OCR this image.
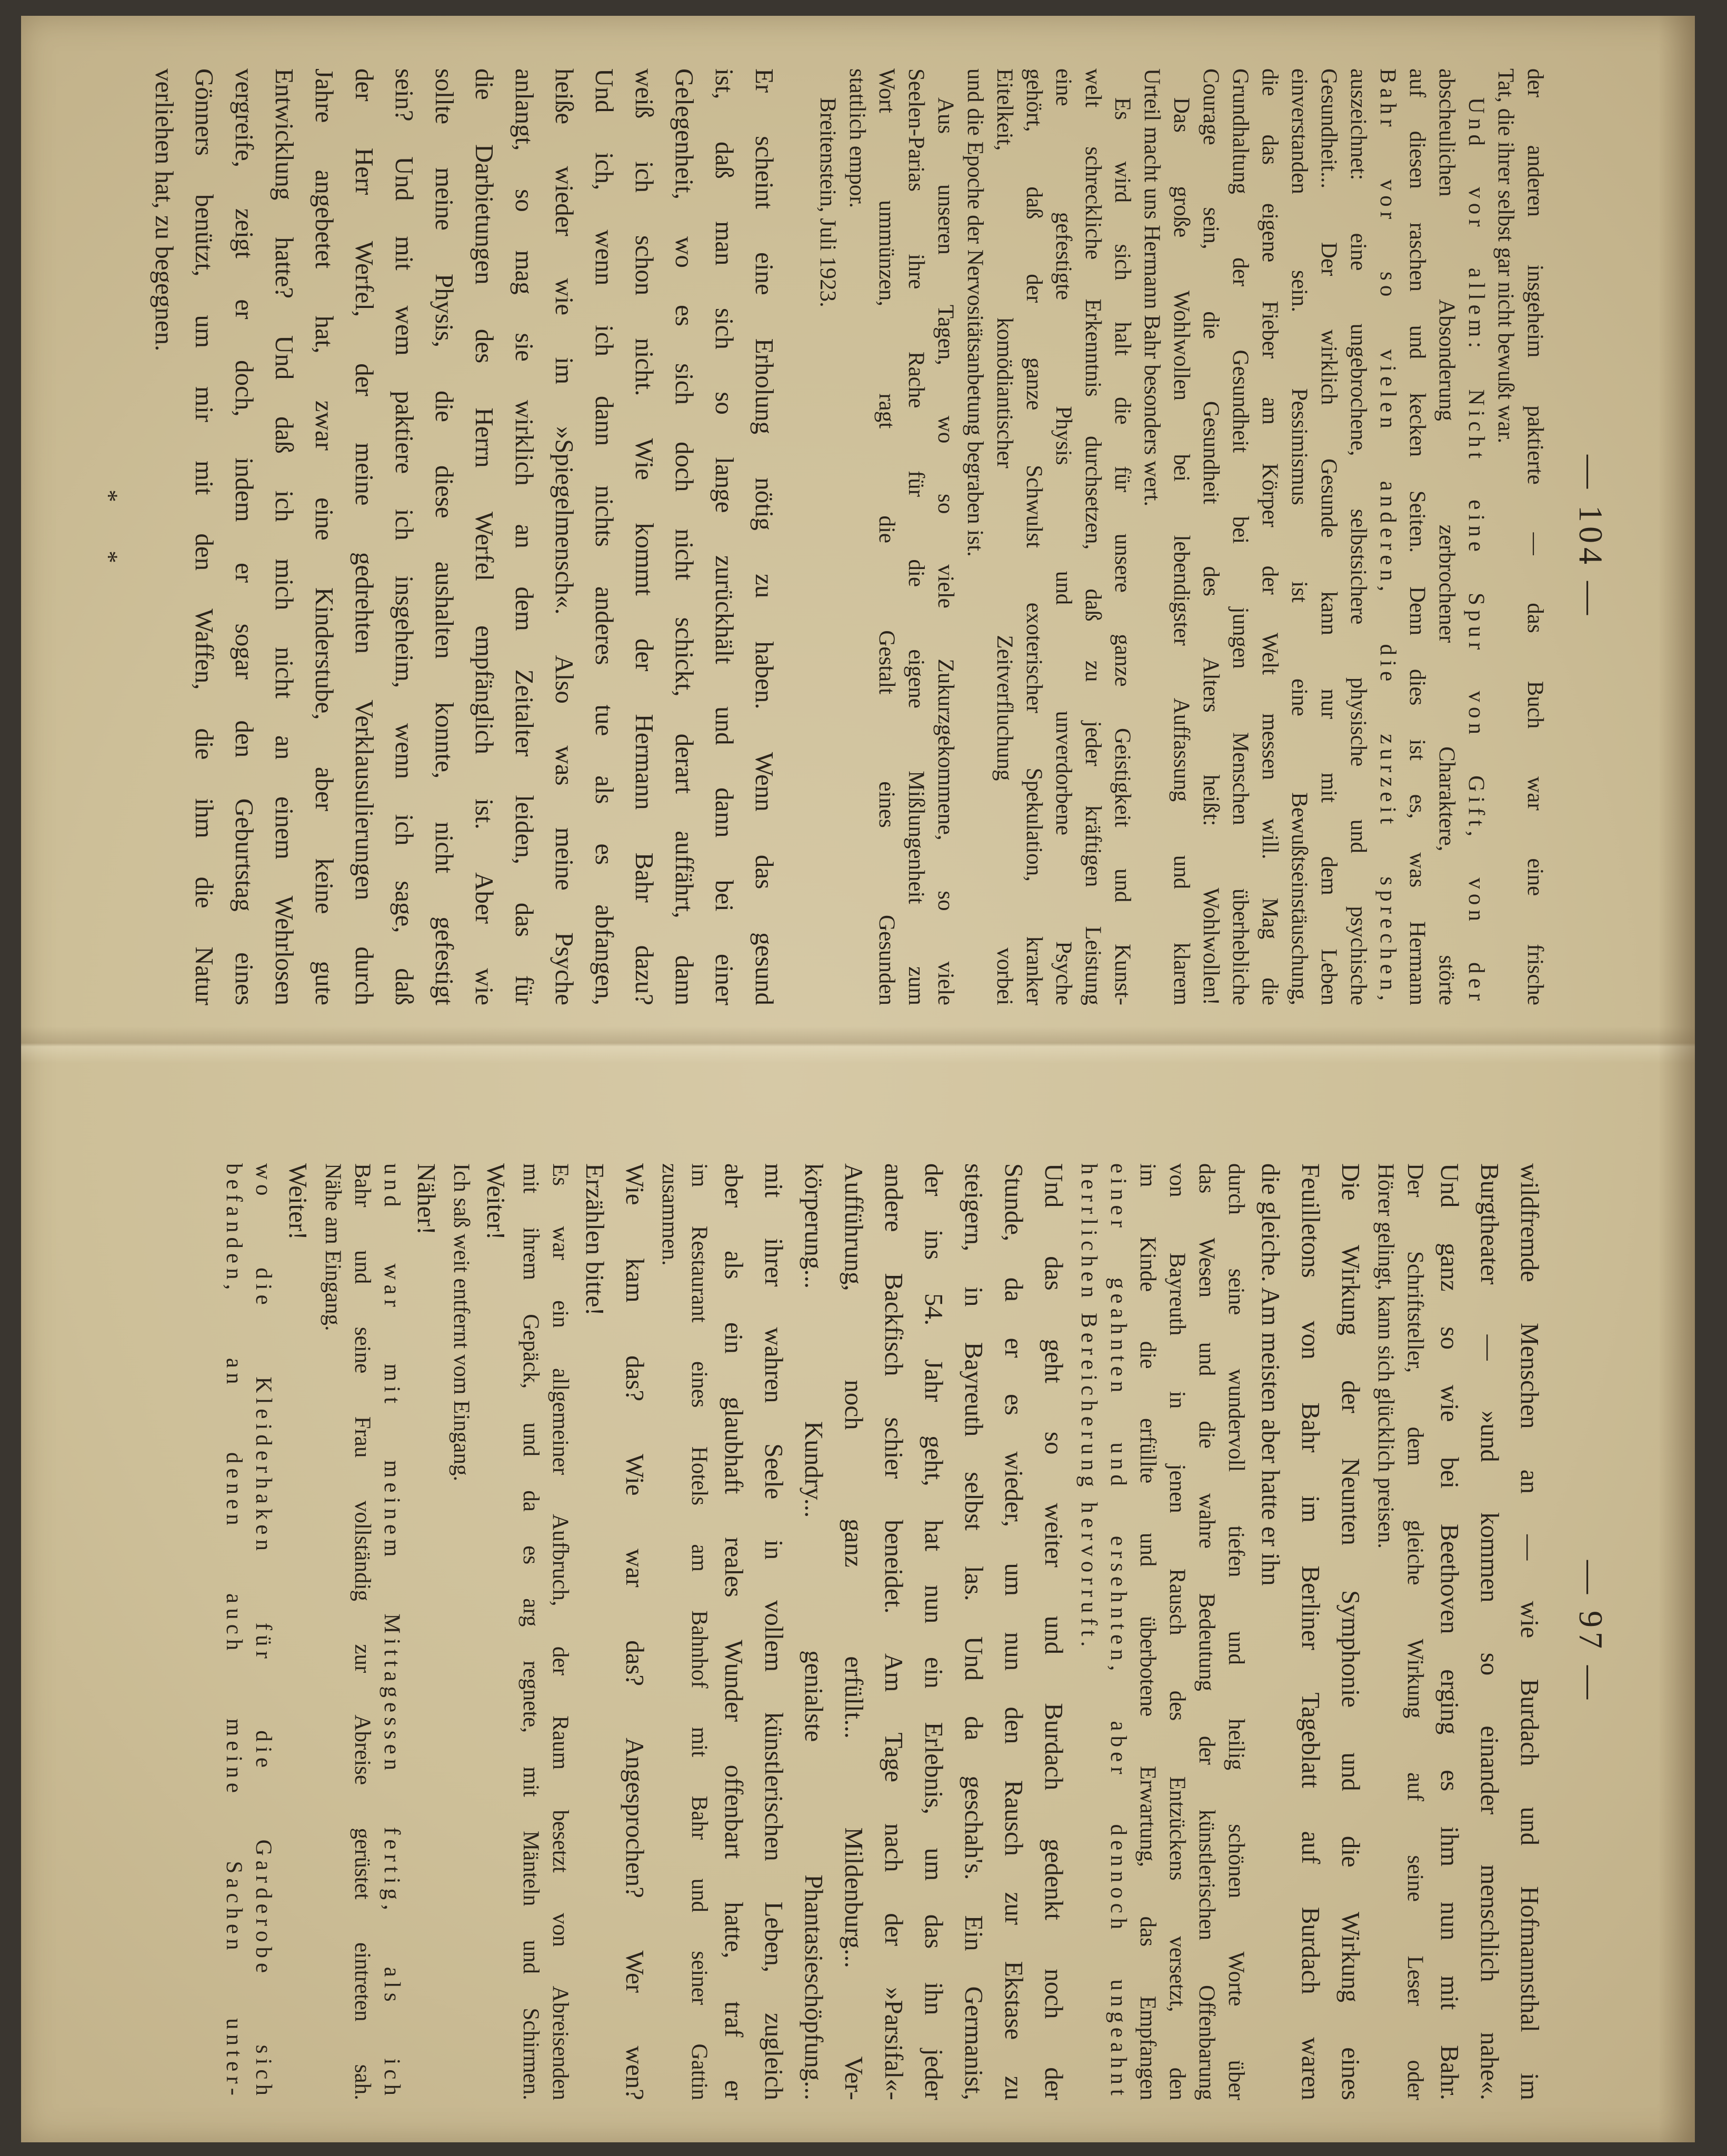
— 104 —
der anderen insgeheim paktierte — das Buch war eine frische
Tat, die ihrer selbst gar nicht bewußt war.
Und vor allem: Nicht eine Spur von Gift, von der
abscheulichen Absonderung zerbrochener Charaktere, störte
auf diesen raschen und kecken Seiten. Denn dies ist es, was Hermann
Bahr vor so vielen anderen, die zurzeit sprechen,
auszeichnet: eine ungebrochene, selbstsichere physische und psychische
Gesundheit... Der wirklich Gesunde kann nur mit dem Leben
einverstanden sein. Pessimismus ist eine Bewußtseinstäuschung,
die das eigene Fieber am Körper der Welt messen will. Mag die
Grundhaltung der Gesundheit bei jungen Menschen überhebliche
Courage sein, die Gesundheit des Alters heißt: Wohlwollen!
Das große Wohlwollen bei lebendigster Auffassung und klarem
Urteil macht uns Hermann Bahr besonders wert.
Es wird sich halt die für unsere ganze Geistigkeit und Kunst-
welt schreckliche Erkenntnis durchsetzen, daß zu jeder kräftigen Leistung
eine gefestigte Physis und unverdorbene Psyche
gehört, daß der ganze Schwulst exoterischer Spekulation, kranker
Eitelkeit, komödiantischer Zeitverfluchung vorbei
und die Epoche der Nervositätsanbetung begraben ist.
Aus unseren Tagen, wo so viele Zukurzgekommene, so viele
Seelen-Parias ihre Rache für die eigene Mißlungenheit zum
Wort ummünzen, ragt die Gestalt eines Gesunden
stattlich empor.
Breitenstein, Juli 1923.
Er scheint eine Erholung nötig zu haben. Wenn das gesund
ist, daß man sich so lange zurückhält und dann bei einer
Gelegenheit, wo es sich doch nicht schickt, derart auffährt, dann
weiß ich schon nicht. Wie kommt der Hermann Bahr dazu?
Und ich, wenn ich dann nichts anderes tue als es abfangen,
heiße wieder wie im »Spiegelmensch«. Also was meine Psyche
anlangt, so mag sie wirklich an dem Zeitalter leiden, das für
die Darbietungen des Herrn Werfel empfänglich ist. Aber wie
sollte meine Physis, die diese aushalten konnte, nicht gefestigt
sein? Und mit wem paktiere ich insgeheim, wenn ich sage, daß
der Herr Werfel, der meine gedrehten Verklausulierungen durch
Jahre angebetet hat, zwar eine Kinderstube, aber keine gute
Entwicklung hatte? Und daß ich mich nicht an einem Wehrlosen
vergreife, zeigt er doch, indem er sogar den Geburtstag eines
Gönners benützt, um mir mit den Waffen, die ihm die Natur
verliehen hat, zu begegnen.
* *
— 97 —
wildfremde Menschen an — wie Burdach und Hofmannsthal im
Burgtheater — »und kommen so einander menschlich nahe«.
Und ganz so wie bei Beethoven erging es ihm nun mit Bahr.
Der Schriftsteller, dem gleiche Wirkung auf seine Leser oder
Hörer gelingt, kann sich glücklich preisen.
Die Wirkung der Neunten Symphonie und die Wirkung eines
Feuilletons von Bahr im Berliner Tageblatt auf Burdach waren
die gleiche. Am meisten aber hatte er ihn
durch seine wundervoll tiefen und heilig schönen Worte über
das Wesen und die wahre Bedeutung der künstlerischen Offenbarung
von Bayreuth in jenen Rausch des Entzückens versetzt, den
im Kinde die erfüllte und überbotene Erwartung, das Empfangen
einer geahnten und ersehnten, aber dennoch ungeahnt
herrlichen Bereicherung hervorruft.
Und das geht so weiter und Burdach gedenkt noch der
Stunde, da er es wieder, um nun den Rausch zur Ekstase zu
steigern, in Bayreuth selbst las. Und da geschah's. Ein Germanist,
der ins 54. Jahr geht, hat nun ein Erlebnis, um das ihn jeder
andere Backfisch schier beneidet. Am Tage nach der »Parsifal«-
Aufführung, noch ganz erfüllt... Mildenburg... Ver-
körperung... Kundry... genialste Phantasieschöpfung...
mit ihrer wahren Seele in vollem künstlerischen Leben, zugleich
aber als ein glaubhaft reales Wunder offenbart hatte, traf er
im Restaurant eines Hotels am Bahnhof mit Bahr und seiner Gattin
zusammen.
Wie kam das? Wie war das? Angesprochen? Wer wen?
Erzählen bitte!
Es war ein allgemeiner Aufbruch, der Raum besetzt von Abreisenden
mit ihrem Gepäck, und da es arg regnete, mit Mänteln und Schirmen.
Weiter!
Ich saß weit entfernt vom Eingang.
Näher!
und war mit meinem Mittagessen fertig, als ich
Bahr und seine Frau vollständig zur Abreise gerüstet eintreten sah.
Nähe am Eingang.
Weiter!
wo die Kleiderhaken für die Garderobe sich
befanden, an denen auch meine Sachen unter-
